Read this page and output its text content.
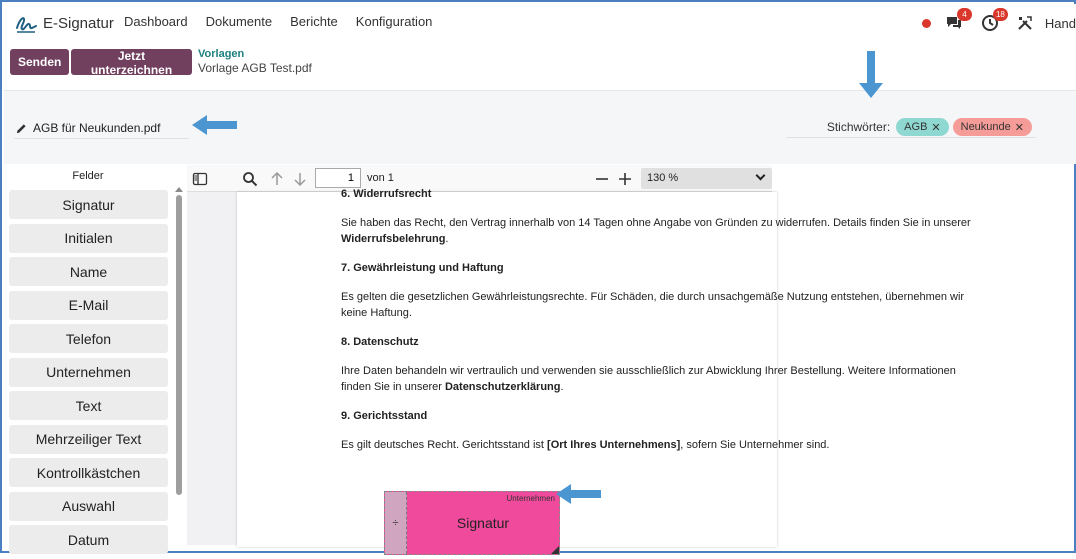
E-Signatur Dashboard Dokumente Berichte Konfiguration	4	18
Hand
Senden	Jetzt unterzeichnen
Vorlagen
Vorlage AGB Test.pdf
AGB für Neukunden.pdf	Stichwörter: AGB ✕ Neukunde ✕
Felder
Signatur
Initialen
Name
E-Mail
Telefon
Unternehmen
Text
Mehrzeiliger Text
Kontrollkästchen
Auswahl
Datum
1
von 1	130 %
6. Widerrufsrecht

Sie haben das Recht, den Vertrag innerhalb von 14 Tagen ohne Angabe von Gründen zu widerrufen. Details finden Sie in unserer
Widerrufsbelehrung.

7. Gewährleistung und Haftung

Es gelten die gesetzlichen Gewährleistungsrechte. Für Schäden, die durch unsachgemäße Nutzung entstehen, übernehmen wir
keine Haftung.

8. Datenschutz

Ihre Daten behandeln wir vertraulich und verwenden sie ausschließlich zur Abwicklung Ihrer Bestellung. Weitere Informationen
finden Sie in unserer Datenschutzerklärung.

9. Gerichtsstand

Es gilt deutsches Recht. Gerichtsstand ist [Ort Ihres Unternehmens], sofern Sie Unternehmer sind.

÷
Unternehmen
Signatur
